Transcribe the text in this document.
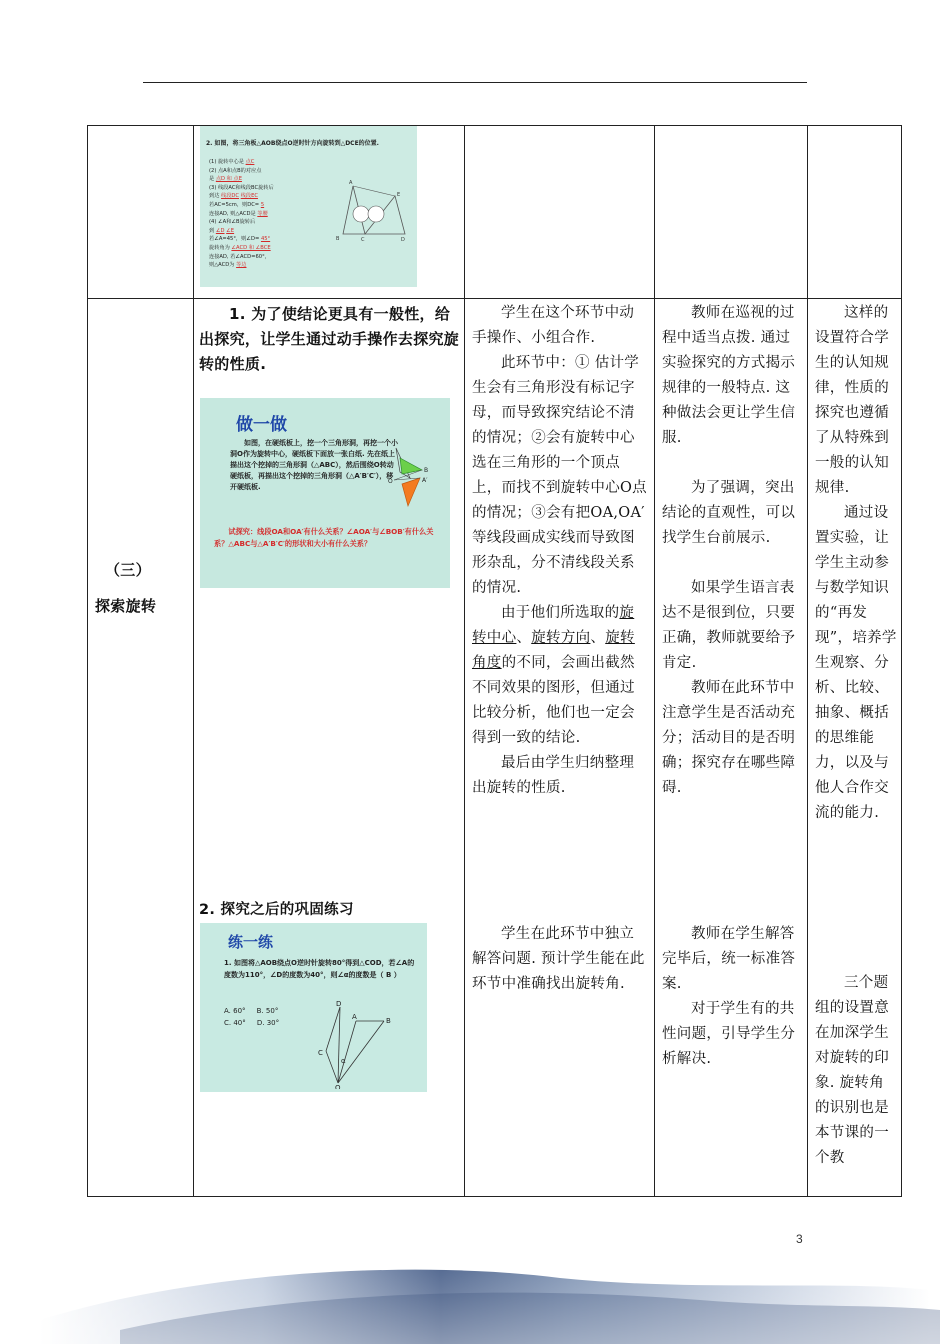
2. 如图，将三角板△AOB绕点O逆时针方向旋转到△DCE的位置.
(1) 旋转中心是 点C
(2) 点A和点B的对应点
是 点D 和 点E
(3) 线段AC和线段BC旋转后
到达 线段DC 线段EC
若AC=5cm，则DC= 5
连接AD, 则△ACD是 等腰
(4) ∠A和∠B旋转后
到 ∠D ∠E
若∠A=45°，则∠D= 45°
旋转角为 ∠ACD 和 ∠BCE
连接AD, 若∠ACD=60°，
则△ACD为 等边
A
E
D
B	C
（三）
探索旋转

1. 为了使结论更具有一般性，给出探究，让学生通过动手操作去探究旋转的性质.

做一做
如图，在硬纸板上，挖一个三角形洞，再挖一个小洞O作为旋转中心，硬纸板下面放一张白纸. 先在纸上描出这个挖掉的三角形洞（△ABC），然后围绕O转动硬纸板，再描出这个挖掉的三角形洞（△A′B′C′），移开硬纸板.
试探究：线段OA和OA′有什么关系？∠AOA′与∠BOB′有什么关系？△ABC与△A′B′C′的形状和大小有什么关系？
B
O	A′

2. 探究之后的巩固练习

练一练
1. 如图将△AOB绕点O逆时针旋转80°得到△COD，若∠A的度数为110°，∠D的度数为40°，则∠α的度数是（ B ）
A. 60° B. 50°
C. 40° D. 30°
D
B
A
C
α
O

学生在这个环节中动手操作、小组合作.

此环节中：① 估计学生会有三角形没有标记字母，而导致探究结论不清的情况；②会有旋转中心选在三角形的一个顶点上，而找不到旋转中心O点的情况；③会有把OA,OA′等线段画成实线而导致图形杂乱，分不清线段关系的情况.

由于他们所选取的旋转中心、旋转方向、旋转角度的不同，会画出截然不同效果的图形，但通过比较分析，他们也一定会得到一致的结论.

最后由学生归纳整理出旋转的性质.

学生在此环节中独立解答问题. 预计学生能在此环节中准确找出旋转角.

教师在巡视的过程中适当点拨. 通过实验探究的方式揭示规律的一般特点. 这种做法会更让学生信服.

为了强调，突出结论的直观性，可以找学生台前展示.

如果学生语言表达不是很到位，只要正确，教师就要给予肯定.

教师在此环节中注意学生是否活动充分；活动目的是否明确；探究存在哪些障碍.

教师在学生解答完毕后，统一标准答案.

对于学生有的共性问题，引导学生分析解决.

这样的设置符合学生的认知规律，性质的探究也遵循了从特殊到一般的认知规律.

通过设置实验，让学生主动参与数学知识的“再发现”，培养学生观察、分析、比较、抽象、概括的思维能力，以及与他人合作交流的能力.

三个题组的设置意在加深学生对旋转的印象. 旋转角的识别也是本节课的一个教

3
